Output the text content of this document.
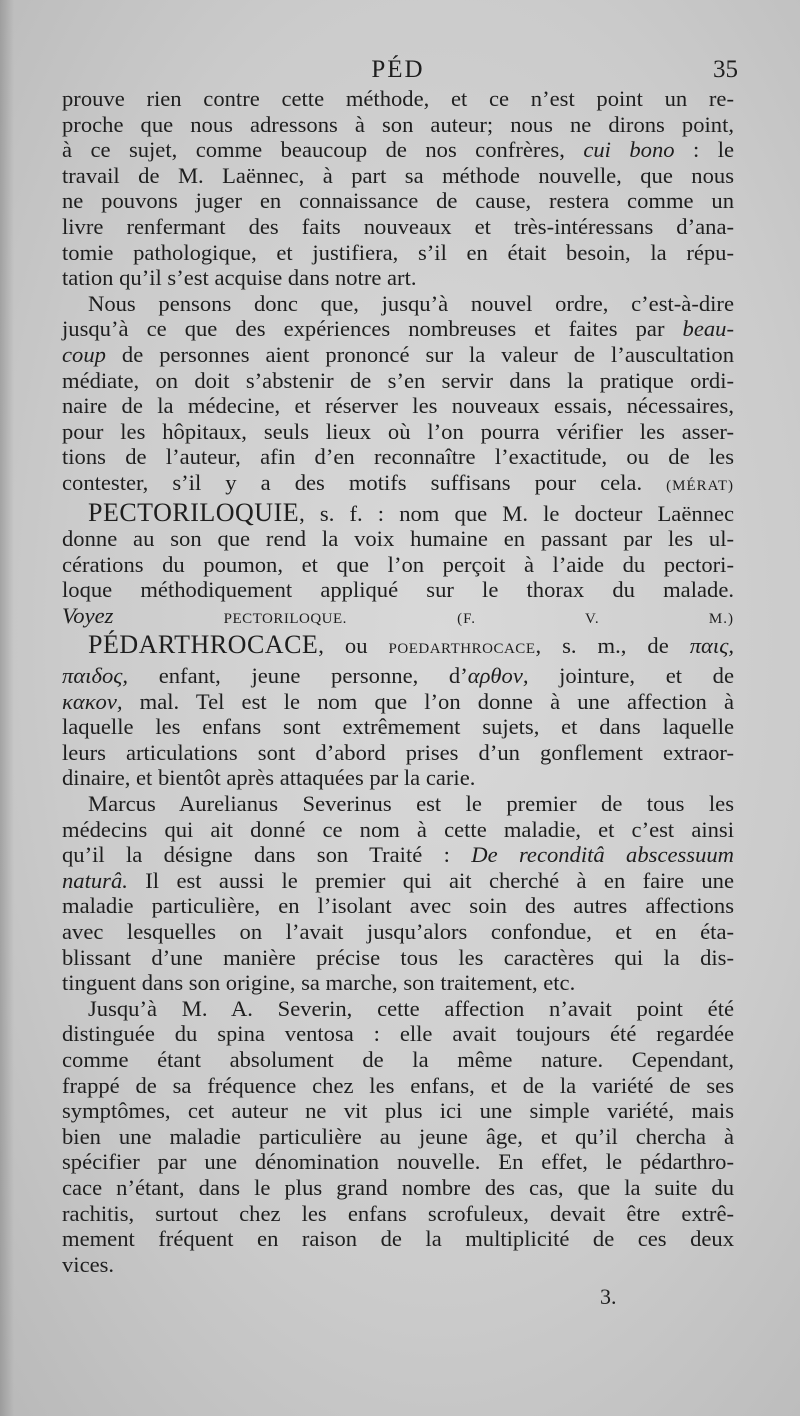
PÉD	35
prouve rien contre cette méthode, et ce n’est point un re-
proche que nous adressons à son auteur; nous ne dirons point,
à ce sujet, comme beaucoup de nos confrères, cui bono : le
travail de M. Laënnec, à part sa méthode nouvelle, que nous
ne pouvons juger en connaissance de cause, restera comme un
livre renfermant des faits nouveaux et très-intéressans d’ana-
tomie pathologique, et justifiera, s’il en était besoin, la répu-
tation qu’il s’est acquise dans notre art.
Nous pensons donc que, jusqu’à nouvel ordre, c’est-à-dire
jusqu’à ce que des expériences nombreuses et faites par beau-
coup de personnes aient prononcé sur la valeur de l’auscultation
médiate, on doit s’abstenir de s’en servir dans la pratique ordi-
naire de la médecine, et réserver les nouveaux essais, nécessaires,
pour les hôpitaux, seuls lieux où l’on pourra vérifier les asser-
tions de l’auteur, afin d’en reconnaître l’exactitude, ou de les
contester, s’il y a des motifs suffisans pour cela. (MÉRAT)
PECTORILOQUIE, s. f. : nom que M. le docteur Laënnec
donne au son que rend la voix humaine en passant par les ul-
cérations du poumon, et que l’on perçoit à l’aide du pectori-
loque méthodiquement appliqué sur le thorax du malade.
Voyez	PECTORILOQUE.	(F. V. M.)
PÉDARTHROCACE, ou POEDARTHROCACE, s. m., de παις,
παιδος, enfant, jeune personne, d’αρθον, jointure, et de
κακον, mal. Tel est le nom que l’on donne à une affection à
laquelle les enfans sont extrêmement sujets, et dans laquelle
leurs articulations sont d’abord prises d’un gonflement extraor-
dinaire, et bientôt après attaquées par la carie.
Marcus Aurelianus Severinus est le premier de tous les
médecins qui ait donné ce nom à cette maladie, et c’est ainsi
qu’il la désigne dans son Traité : De reconditâ abscessuum
naturâ. Il est aussi le premier qui ait cherché à en faire une
maladie particulière, en l’isolant avec soin des autres affections
avec lesquelles on l’avait jusqu’alors confondue, et en éta-
blissant d’une manière précise tous les caractères qui la dis-
tinguent dans son origine, sa marche, son traitement, etc.
Jusqu’à M. A. Severin, cette affection n’avait point été
distinguée du spina ventosa : elle avait toujours été regardée
comme étant absolument de la même nature. Cependant,
frappé de sa fréquence chez les enfans, et de la variété de ses
symptômes, cet auteur ne vit plus ici une simple variété, mais
bien une maladie particulière au jeune âge, et qu’il chercha à
spécifier par une dénomination nouvelle. En effet, le pédarthro-
cace n’étant, dans le plus grand nombre des cas, que la suite du
rachitis, surtout chez les enfans scrofuleux, devait être extrê-
mement fréquent en raison de la multiplicité de ces deux
vices.
3.
